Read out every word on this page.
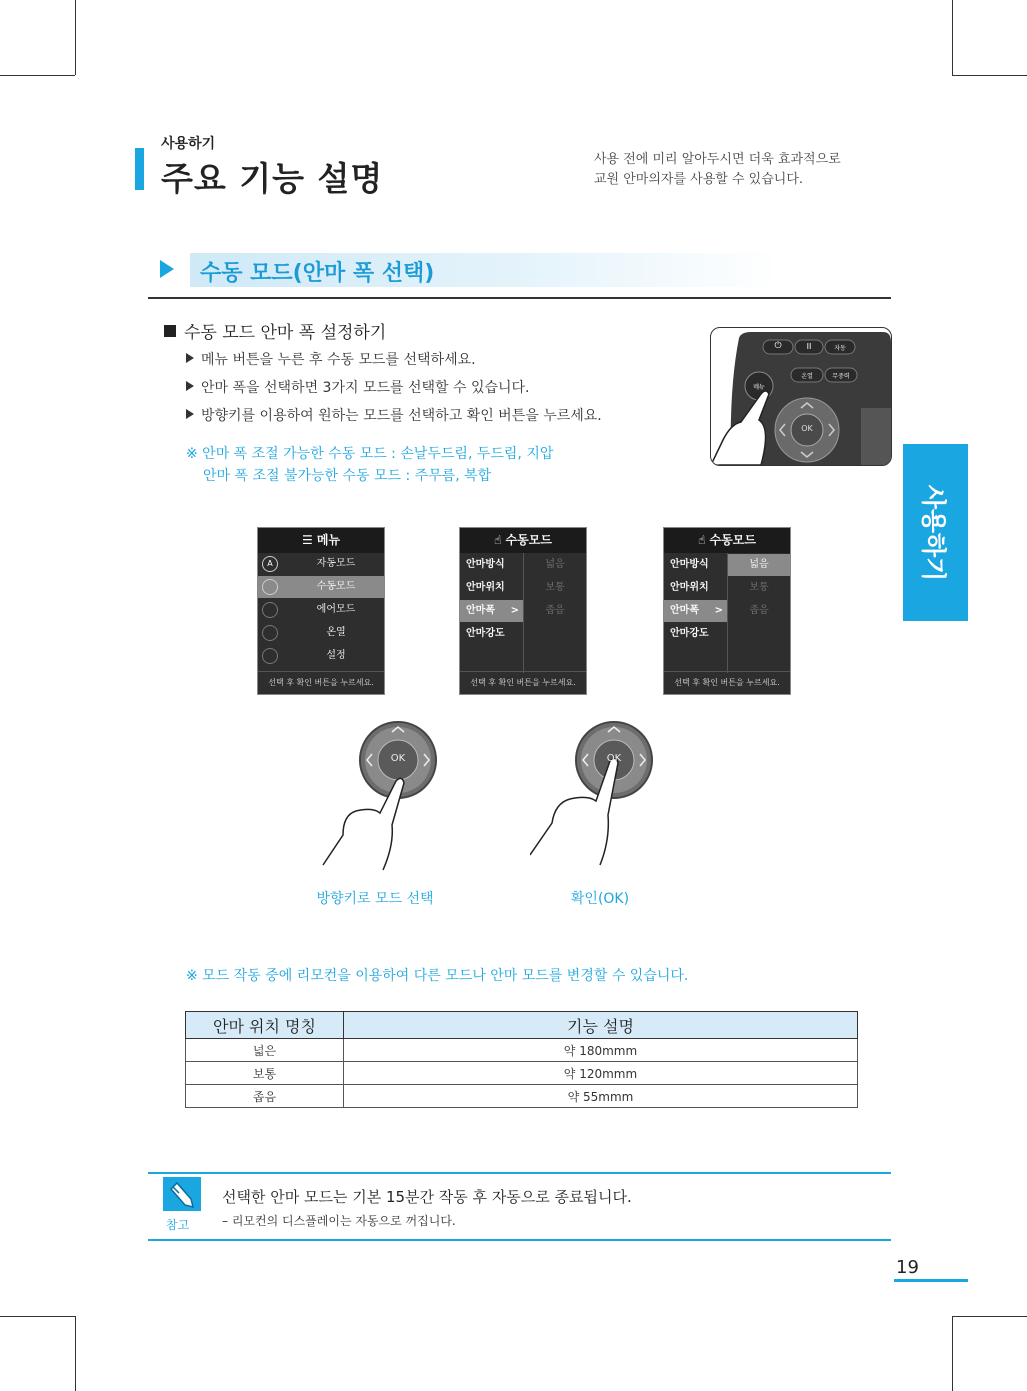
사용하기
주요 기능 설명	사용 전에 미리 알아두시면 더욱 효과적으로
교원 안마의자를 사용할 수 있습니다.
수동 모드(안마 폭 선택)
수동 모드 안마 폭 설정하기
메뉴 버튼을 누른 후 수동 모드를 선택하세요.
안마 폭을 선택하면 3가지 모드를 선택할 수 있습니다.
방향키를 이용하여 원하는 모드를 선택하고 확인 버튼을 누르세요.
※ 안마 폭 조절 가능한 수동 모드 : 손날두드림, 두드림, 지압
안마 폭 조절 불가능한 수동 모드 : 주무름, 복합
⏻	II	자동
온열	무중력
메뉴
OK
사용하기
☰ 메뉴
A	자동모드
수동모드
에어모드
온열
설정
선택 후 확인 버튼을 누르세요.
☝ 수동모드
안마방식
안마위치
안마폭 >
안마강도
넓음
보통
좁음
선택 후 확인 버튼을 누르세요.
☝ 수동모드
안마방식
안마위치
안마폭 >
안마강도
넓음
보통
좁음
선택 후 확인 버튼을 누르세요.
OK	OK
방향키로 모드 선택	확인(OK)
※ 모드 작동 중에 리모컨을 이용하여 다른 모드나 안마 모드를 변경할 수 있습니다.
안마 위치 명칭	기능 설명
넓은	약 180mmm
보통	약 120mmm
좁음	약 55mmm
참고
선택한 안마 모드는 기본 15분간 작동 후 자동으로 종료됩니다.
– 리모컨의 디스플레이는 자동으로 꺼집니다.
19
